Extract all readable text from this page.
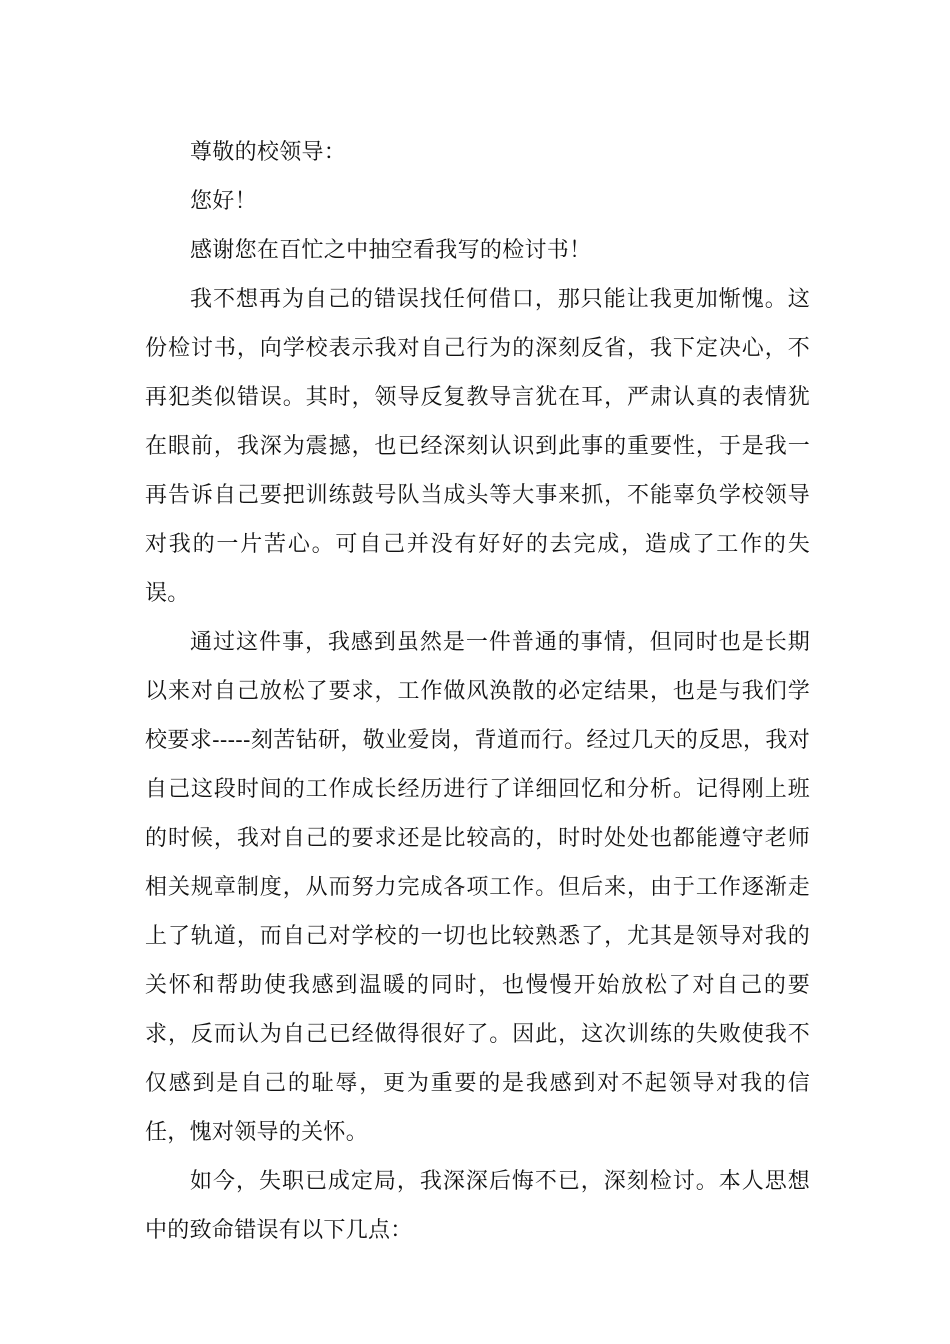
尊敬的校领导：

您好！

感谢您在百忙之中抽空看我写的检讨书！

我不想再为自己的错误找任何借口，那只能让我更加惭愧。这份检讨书，向学校表示我对自己行为的深刻反省，我下定决心，不再犯类似错误。其时，领导反复教导言犹在耳，严肃认真的表情犹在眼前，我深为震撼，也已经深刻认识到此事的重要性，于是我一再告诉自己要把训练鼓号队当成头等大事来抓，不能辜负学校领导对我的一片苦心。可自己并没有好好的去完成，造成了工作的失误。

通过这件事，我感到虽然是一件普通的事情，但同时也是长期以来对自己放松了要求，工作做风涣散的必定结果，也是与我们学校要求-----刻苦钻研，敬业爱岗，背道而行。经过几天的反思，我对自己这段时间的工作成长经历进行了详细回忆和分析。记得刚上班的时候，我对自己的要求还是比较高的，时时处处也都能遵守老师相关规章制度，从而努力完成各项工作。但后来，由于工作逐渐走上了轨道，而自己对学校的一切也比较熟悉了，尤其是领导对我的关怀和帮助使我感到温暖的同时，也慢慢开始放松了对自己的要求，反而认为自己已经做得很好了。因此，这次训练的失败使我不仅感到是自己的耻辱，更为重要的是我感到对不起领导对我的信任，愧对领导的关怀。

如今，失职已成定局，我深深后悔不已，深刻检讨。本人思想中的致命错误有以下几点：
